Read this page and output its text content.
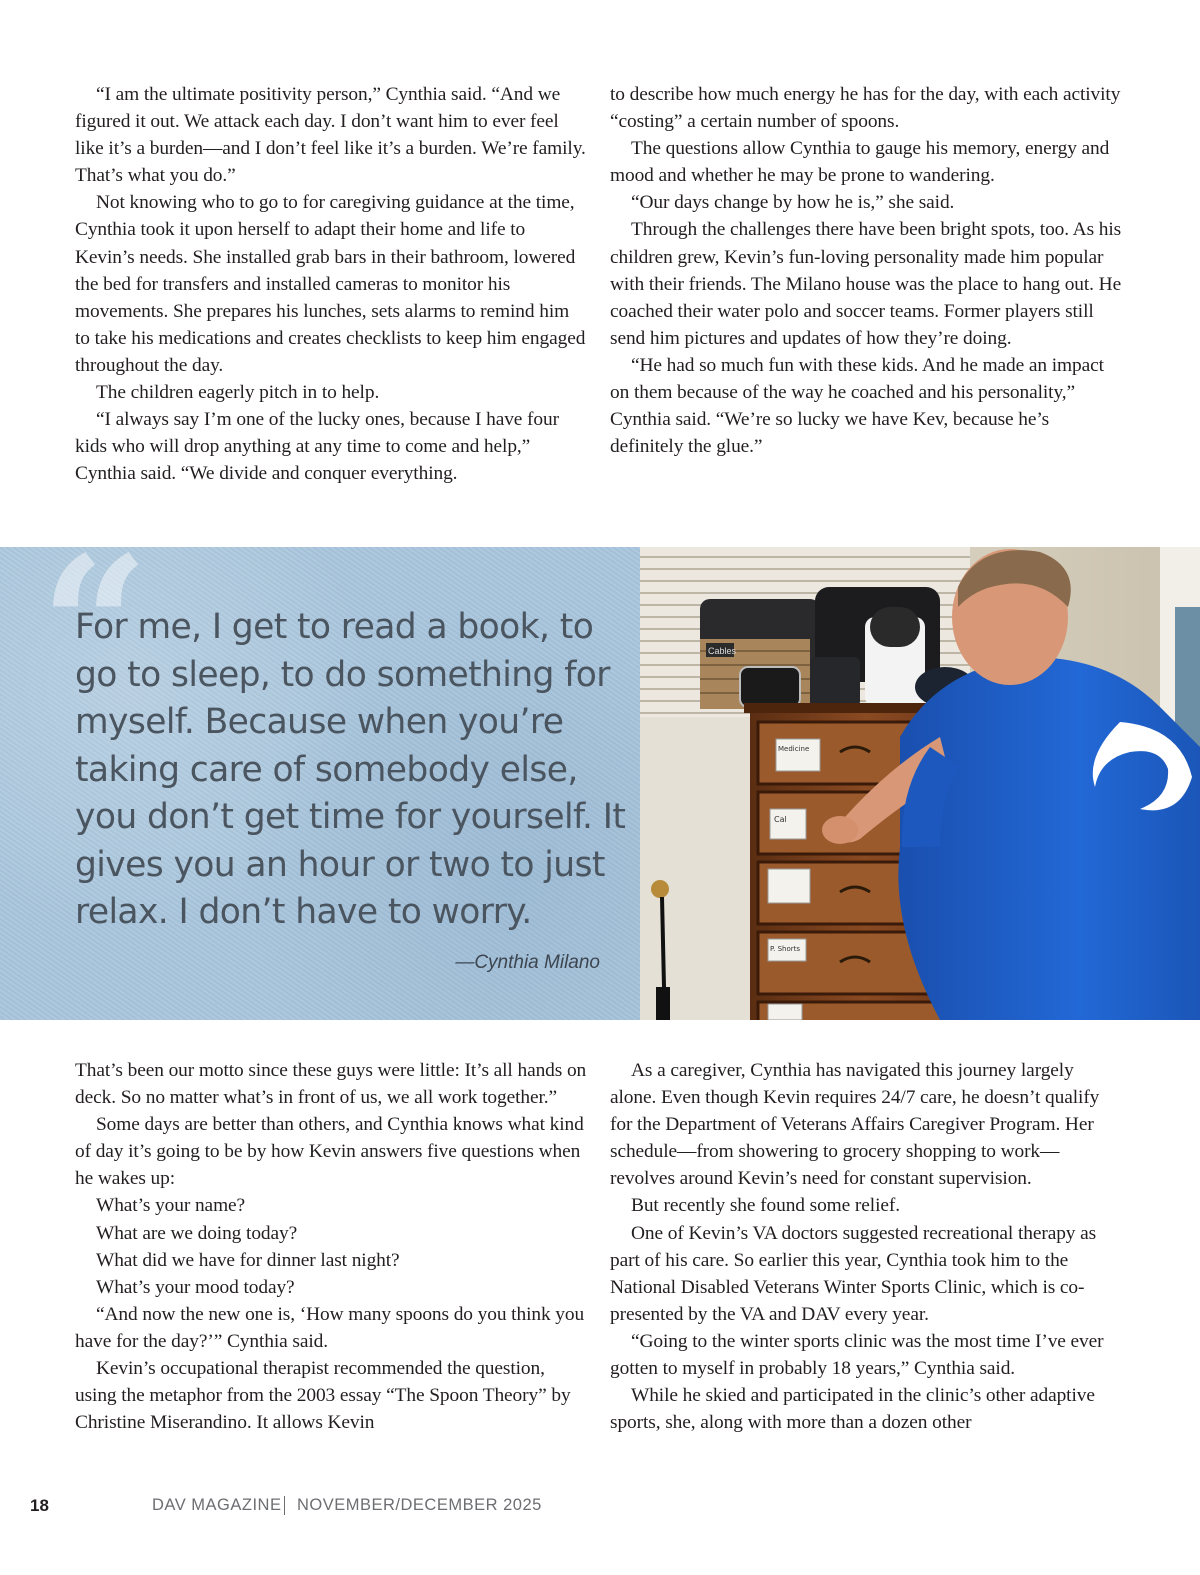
“I am the ultimate positivity person,” Cynthia said. “And we figured it out. We attack each day. I don’t want him to ever feel like it’s a burden—and I don’t feel like it’s a burden. We’re family. That’s what you do.”

Not knowing who to go to for caregiving guidance at the time, Cynthia took it upon herself to adapt their home and life to Kevin’s needs. She installed grab bars in their bathroom, lowered the bed for transfers and installed cameras to monitor his movements. She prepares his lunches, sets alarms to remind him to take his medications and creates checklists to keep him engaged throughout the day.

The children eagerly pitch in to help.

“I always say I’m one of the lucky ones, because I have four kids who will drop anything at any time to come and help,” Cynthia said. “We divide and conquer everything.

to describe how much energy he has for the day, with each activity “costing” a certain number of spoons.

The questions allow Cynthia to gauge his memory, energy and mood and whether he may be prone to wandering.

“Our days change by how he is,” she said.

Through the challenges there have been bright spots, too. As his children grew, Kevin’s fun-loving personality made him popular with their friends. The Milano house was the place to hang out. He coached their water polo and soccer teams. Former players still send him pictures and updates of how they’re doing.

“He had so much fun with these kids. And he made an impact on them because of the way he coached and his personality,” Cynthia said. “We’re so lucky we have Kev, because he’s definitely the glue.”

“

For me, I get to read a book, to go to sleep, to do something for myself. Because when you’re taking care of somebody else, you don’t get time for yourself. It gives you an hour or two to just relax. I don’t have to worry.

—Cynthia Milano
Cables
Medicine
Cal
P. Shorts

That’s been our motto since these guys were little: It’s all hands on deck. So no matter what’s in front of us, we all work together.”

Some days are better than others, and Cynthia knows what kind of day it’s going to be by how Kevin answers five questions when he wakes up:

What’s your name?

What are we doing today?

What did we have for dinner last night?

What’s your mood today?

“And now the new one is, ‘How many spoons do you think you have for the day?’” Cynthia said.

Kevin’s occupational therapist recommended the question, using the metaphor from the 2003 essay “The Spoon Theory” by Christine Miserandino. It allows Kevin

As a caregiver, Cynthia has navigated this journey largely alone. Even though Kevin requires 24/7 care, he doesn’t qualify for the Department of Veterans Affairs Caregiver Program. Her schedule—from showering to grocery shopping to work—revolves around Kevin’s need for constant supervision.

But recently she found some relief.

One of Kevin’s VA doctors suggested recreational therapy as part of his care. So earlier this year, Cynthia took him to the National Disabled Veterans Winter Sports Clinic, which is co-presented by the VA and DAV every year.

“Going to the winter sports clinic was the most time I’ve ever gotten to myself in probably 18 years,” Cynthia said.

While he skied and participated in the clinic’s other adaptive sports, she, along with more than a dozen other

18	DAV MAGAZINE NOVEMBER/DECEMBER 2025
